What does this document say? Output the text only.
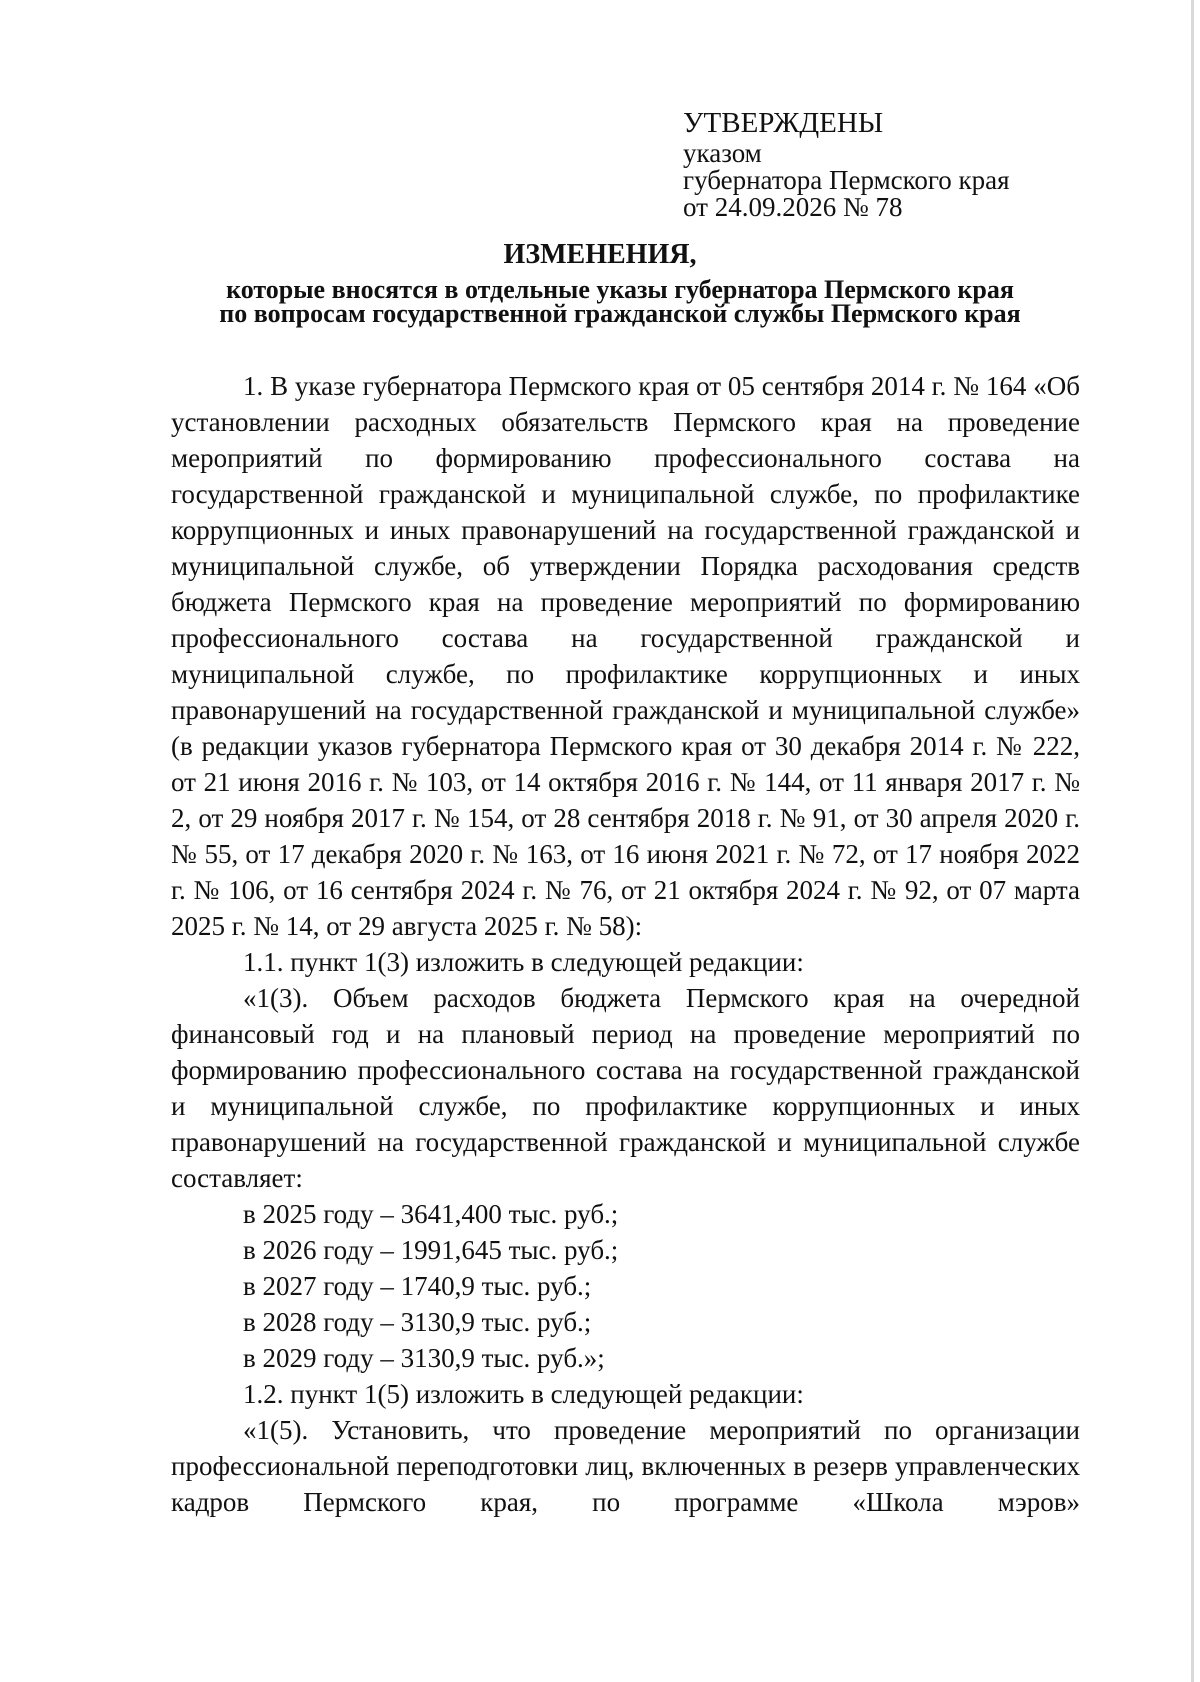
УТВЕРЖДЕНЫ
указом
губернатора Пермского края
от 24.09.2026 № 78
ИЗМЕНЕНИЯ,
которые вносятся в отдельные указы губернатора Пермского края
по вопросам государственной гражданской службы Пермского края

1. В указе губернатора Пермского края от 05 сентября 2014 г. № 164 «Об установлении расходных обязательств Пермского края на проведение мероприятий по формированию профессионального состава на государственной гражданской и муниципальной службе, по профилактике коррупционных и иных правонарушений на государственной гражданской и муниципальной службе, об утверждении Порядка расходования средств бюджета Пермского края на проведение мероприятий по формированию профессионального состава на государственной гражданской и муниципальной службе, по профилактике коррупционных и иных правонарушений на государственной гражданской и муниципальной службе» (в редакции указов губернатора Пермского края от 30 декабря 2014 г. № 222, от 21 июня 2016 г. № 103, от 14 октября 2016 г. № 144, от 11 января 2017 г. № 2, от 29 ноября 2017 г. № 154, от 28 сентября 2018 г. № 91, от 30 апреля 2020 г. № 55, от 17 декабря 2020 г. № 163, от 16 июня 2021 г. № 72, от 17 ноября 2022 г. № 106, от 16 сентября 2024 г. № 76, от 21 октября 2024 г. № 92, от 07 марта 2025 г. № 14, от 29 августа 2025 г. № 58):

1.1. пункт 1(3) изложить в следующей редакции:

«1(3). Объем расходов бюджета Пермского края на очередной финансовый год и на плановый период на проведение мероприятий по формированию профессионального состава на государственной гражданской и муниципальной службе, по профилактике коррупционных и иных правонарушений на государственной гражданской и муниципальной службе составляет:

в 2025 году – 3641,400 тыс. руб.;

в 2026 году – 1991,645 тыс. руб.;

в 2027 году – 1740,9 тыс. руб.;

в 2028 году – 3130,9 тыс. руб.;

в 2029 году – 3130,9 тыс. руб.»;

1.2. пункт 1(5) изложить в следующей редакции:

«1(5). Установить, что проведение мероприятий по организации профессиональной переподготовки лиц, включенных в резерв управленческих кадров Пермского края, по программе «Школа мэров»
